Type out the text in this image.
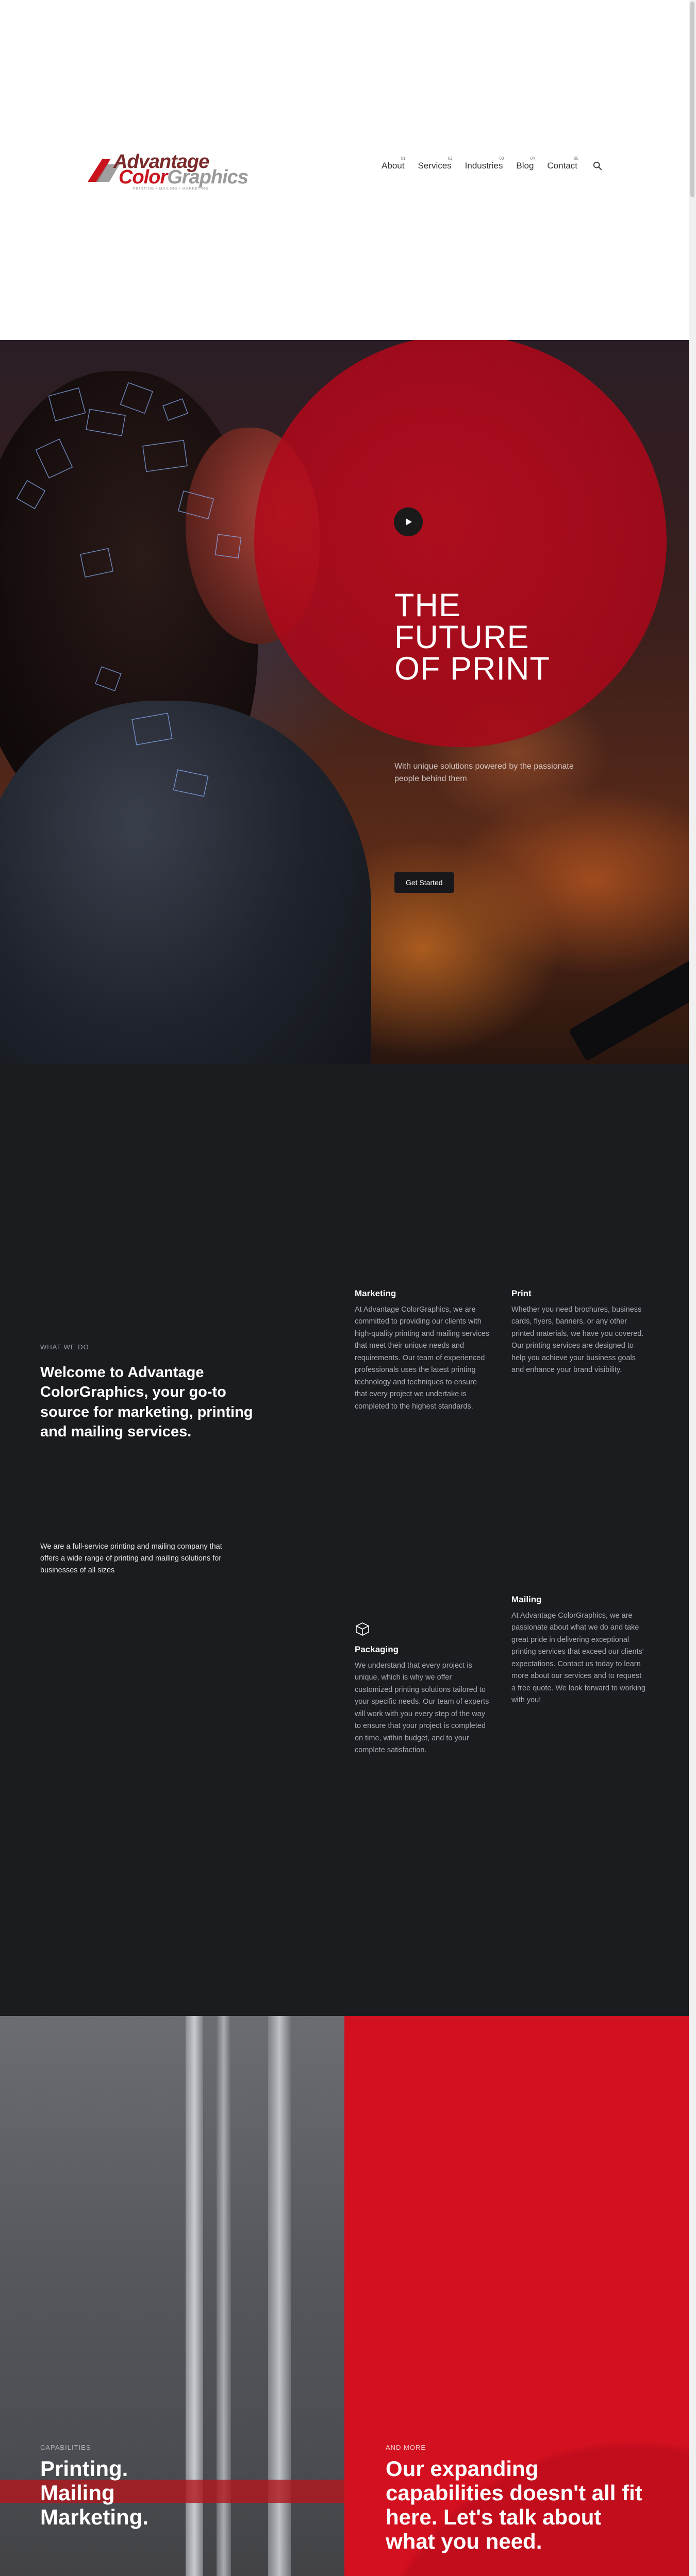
Advantage
ColorGraphics
PRINTING • MAILING • MARKETING
About
01
Services
02
Industries
03
Blog
04
Contact
05
THE
FUTURE
OF PRINT

With unique solutions powered by the passionate people behind them

Get Started
WHAT WE DO
Welcome to Advantage ColorGraphics, your go-to source for marketing, printing and mailing services.

We are a full-service printing and mailing company that offers a wide range of printing and mailing solutions for businesses of all sizes

Marketing
At Advantage ColorGraphics, we are committed to providing our clients with high-quality printing and mailing services that meet their unique needs and requirements. Our team of experienced professionals uses the latest printing technology and techniques to ensure that every project we undertake is completed to the highest standards.
Print
Whether you need brochures, business cards, flyers, banners, or any other printed materials, we have you covered. Our printing services are designed to help you achieve your business goals and enhance your brand visibility.
Packaging
We understand that every project is unique, which is why we offer customized printing solutions tailored to your specific needs. Our team of experts will work with you every step of the way to ensure that your project is completed on time, within budget, and to your complete satisfaction.
Mailing
At Advantage ColorGraphics, we are passionate about what we do and take great pride in delivering exceptional printing services that exceed our clients' expectations. Contact us today to learn more about our services and to request a free quote. We look forward to working with you!
CAPABILITIES
Printing. Mailing Marketing.
AND MORE
Our expanding capabilities doesn't all fit here. Let's talk about what you need.
